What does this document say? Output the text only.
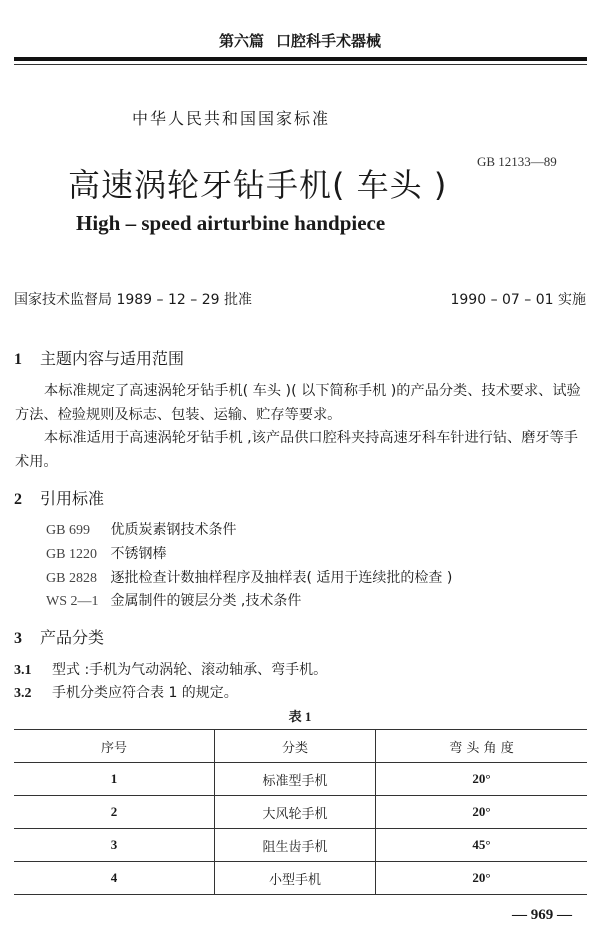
第六篇 口腔科手术器械
中华人民共和国国家标准
GB 12133—89
高速涡轮牙钻手机( 车头 )
High – speed airturbine handpiece
国家技术监督局 1989 – 12 – 29 批准	1990 – 07 – 01 实施
1 主题内容与适用范围
本标准规定了高速涡轮牙钻手机( 车头 )( 以下简称手机 )的产品分类、技术要求、试验方法、检验规则及标志、包装、运输、贮存等要求。
本标准适用于高速涡轮牙钻手机 ,该产品供口腔科夹持高速牙科车针进行钻、磨牙等手术用。
2 引用标准
GB 699 优质炭素钢技术条件
GB 1220 不锈钢棒
GB 2828 逐批检查计数抽样程序及抽样表( 适用于连续批的检查 )
WS 2—1 金属制件的镀层分类 ,技术条件
3 产品分类
3.1 型式 :手机为气动涡轮、滚动轴承、弯手机。
3.2 手机分类应符合表 1 的规定。
表 1
序号	分类	弯 头 角 度
1	标准型手机	20°
2	大风轮手机	20°
3	阻生齿手机	45°
4	小型手机	20°
— 969 —
